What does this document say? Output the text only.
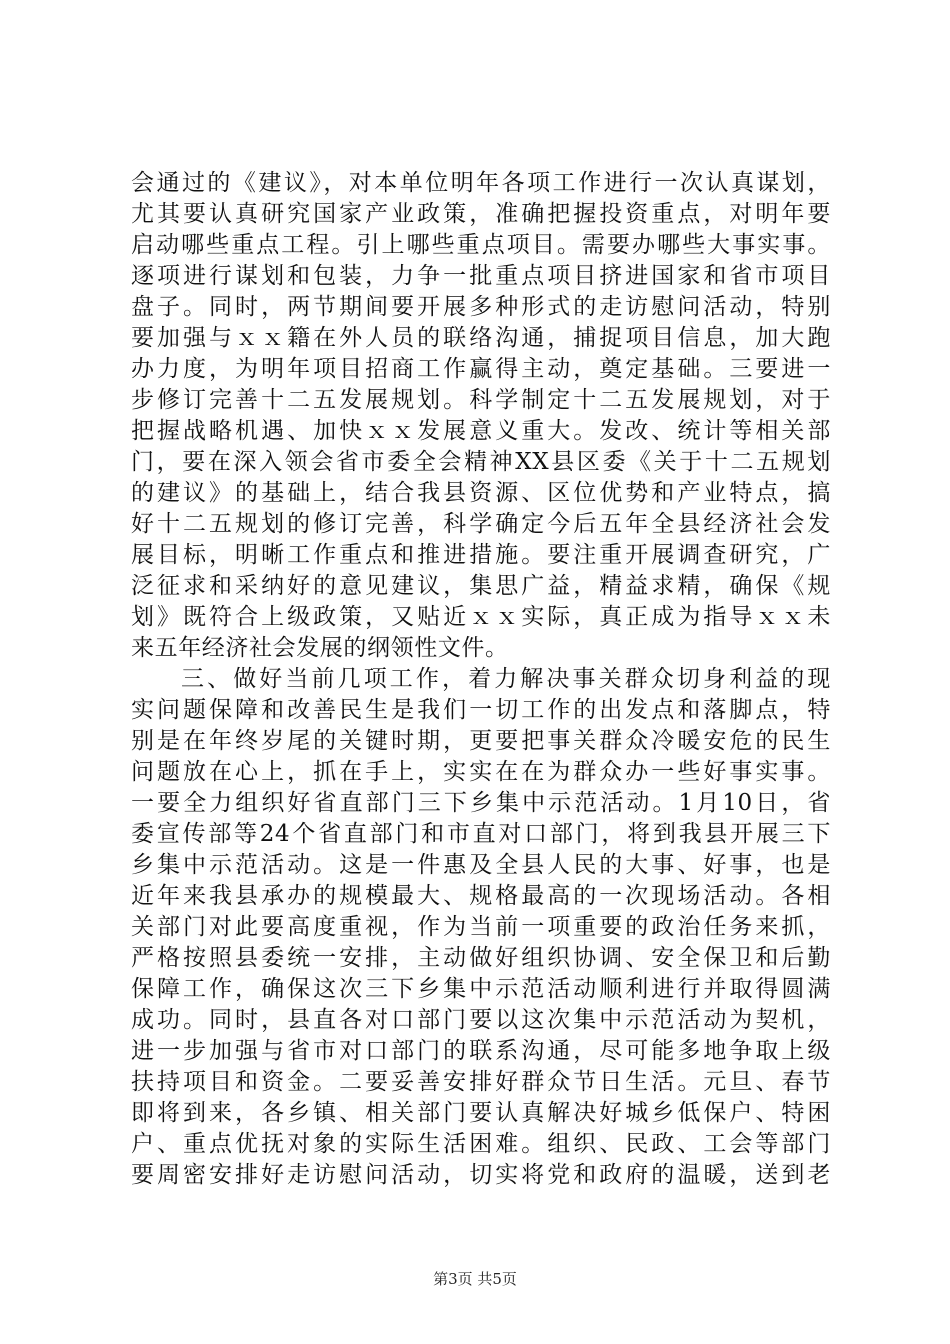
会通过的《建议》，对本单位明年各项工作进行一次认真谋划，
尤其要认真研究国家产业政策，准确把握投资重点，对明年要
启动哪些重点工程。引上哪些重点项目。需要办哪些大事实事。
逐项进行谋划和包装，力争一批重点项目挤进国家和省市项目
盘子。同时，两节期间要开展多种形式的走访慰问活动，特别
要加强与ｘｘ籍在外人员的联络沟通，捕捉项目信息，加大跑
办力度，为明年项目招商工作赢得主动，奠定基础。三要进一
步修订完善十二五发展规划。科学制定十二五发展规划，对于
把握战略机遇、加快ｘｘ发展意义重大。发改、统计等相关部
门，要在深入领会省市委全会精神XX县区委《关于十二五规划
的建议》的基础上，结合我县资源、区位优势和产业特点，搞
好十二五规划的修订完善，科学确定今后五年全县经济社会发
展目标，明晰工作重点和推进措施。要注重开展调查研究，广
泛征求和采纳好的意见建议，集思广益，精益求精，确保《规
划》既符合上级政策，又贴近ｘｘ实际，真正成为指导ｘｘ未
来五年经济社会发展的纲领性文件。
三、做好当前几项工作，着力解决事关群众切身利益的现
实问题保障和改善民生是我们一切工作的出发点和落脚点，特
别是在年终岁尾的关键时期，更要把事关群众冷暖安危的民生
问题放在心上，抓在手上，实实在在为群众办一些好事实事。
一要全力组织好省直部门三下乡集中示范活动。1月10日，省
委宣传部等24个省直部门和市直对口部门，将到我县开展三下
乡集中示范活动。这是一件惠及全县人民的大事、好事，也是
近年来我县承办的规模最大、规格最高的一次现场活动。各相
关部门对此要高度重视，作为当前一项重要的政治任务来抓，
严格按照县委统一安排，主动做好组织协调、安全保卫和后勤
保障工作，确保这次三下乡集中示范活动顺利进行并取得圆满
成功。同时，县直各对口部门要以这次集中示范活动为契机，
进一步加强与省市对口部门的联系沟通，尽可能多地争取上级
扶持项目和资金。二要妥善安排好群众节日生活。元旦、春节
即将到来，各乡镇、相关部门要认真解决好城乡低保户、特困
户、重点优抚对象的实际生活困难。组织、民政、工会等部门
要周密安排好走访慰问活动，切实将党和政府的温暖，送到老
第3页 共5页
